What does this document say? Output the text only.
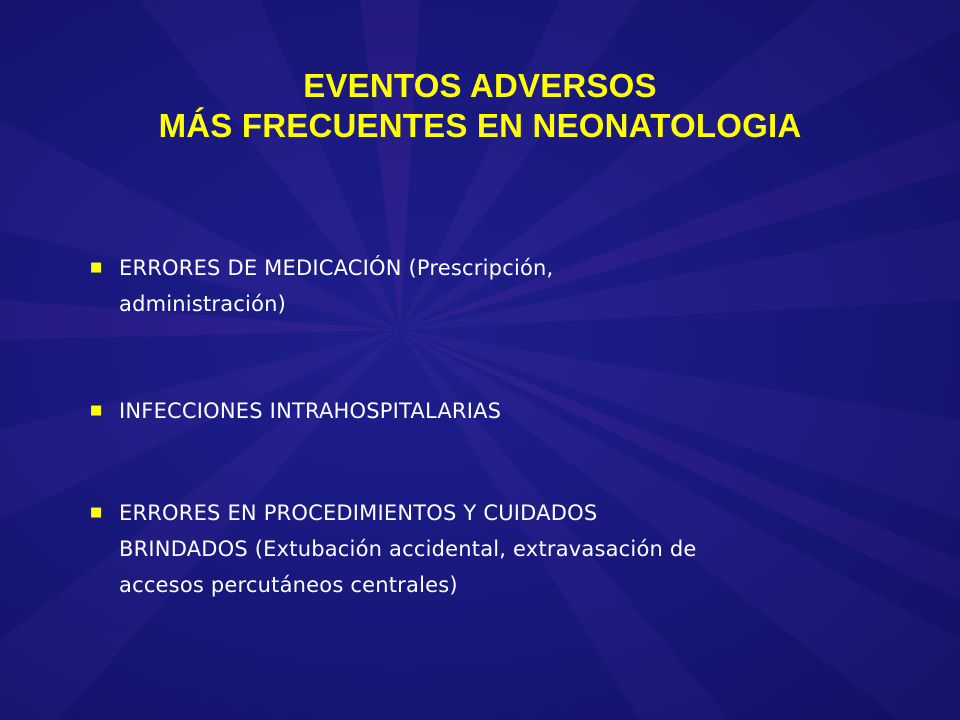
EVENTOS ADVERSOS
MÁS FRECUENTES EN NEONATOLOGIA
■ ERRORES DE MEDICACIÓN (Prescripción,
administración)
■ INFECCIONES INTRAHOSPITALARIAS
■ ERRORES EN PROCEDIMIENTOS Y CUIDADOS
BRINDADOS (Extubación accidental, extravasación de
accesos percutáneos centrales)
